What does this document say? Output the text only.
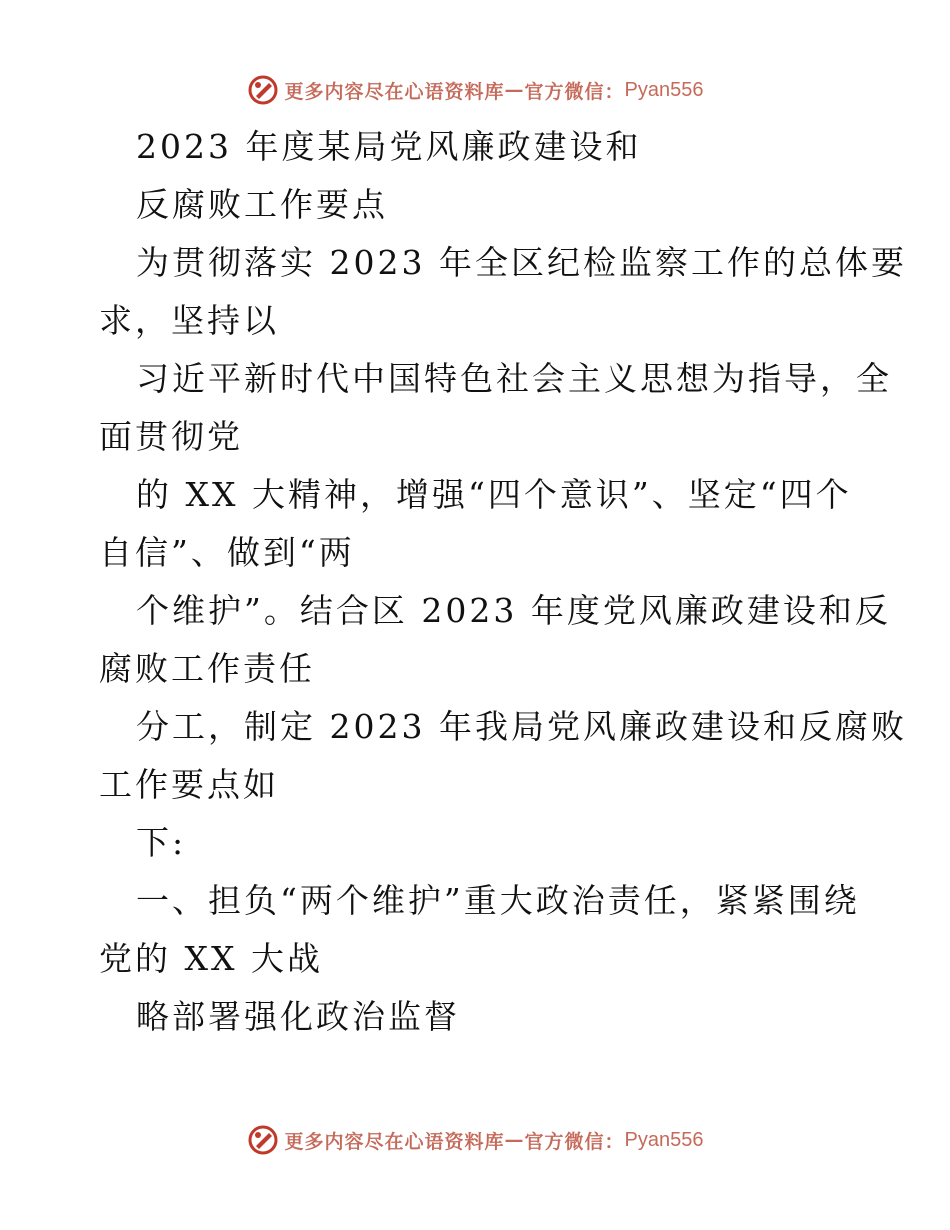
更多内容尽在心语资料库 — 官方微信： Pyan556
2023 年度某局党风廉政建设和
反腐败工作要点
为贯彻落实 2023 年全区纪检监察工作的总体要
求，坚持以
习近平新时代中国特色社会主义思想为指导，全
面贯彻党
的 XX 大精神，增强“四个意识”、坚定“四个
自信”、做到“两
个维护”。结合区 2023 年度党风廉政建设和反
腐败工作责任
分工，制定 2023 年我局党风廉政建设和反腐败
工作要点如
下:
一、担负“两个维护”重大政治责任，紧紧围绕
党的 XX 大战
略部署强化政治监督
更多内容尽在心语资料库 — 官方微信： Pyan556
